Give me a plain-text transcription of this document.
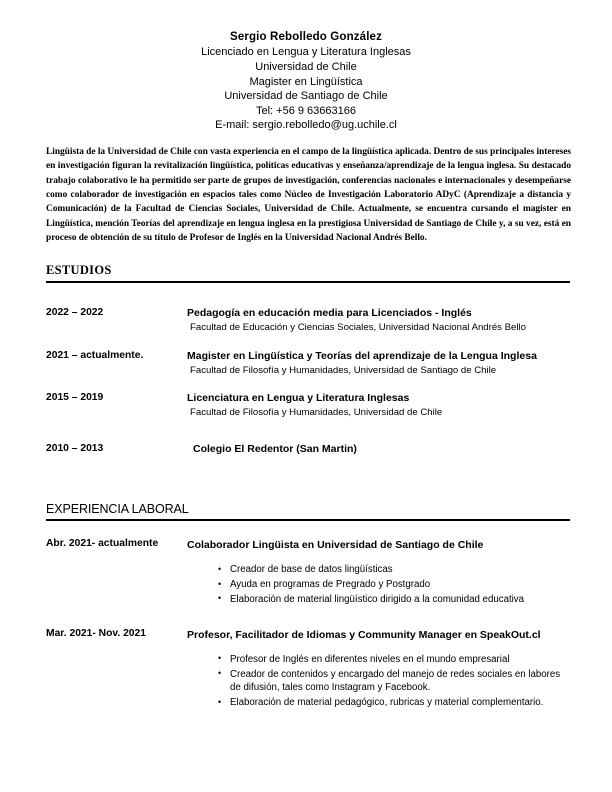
Sergio Rebolledo González
Licenciado en Lengua y Literatura Inglesas
Universidad de Chile
Magister en Lingüística
Universidad de Santiago de Chile
Tel: +56 9 63663166
E-mail: sergio.rebolledo@ug.uchile.cl
Lingüista de la Universidad de Chile con vasta experiencia en el campo de la lingüística aplicada. Dentro de sus principales intereses en investigación figuran la revitalización lingüística, políticas educativas y enseñanza/aprendizaje de la lengua inglesa. Su destacado trabajo colaborativo le ha permitido ser parte de grupos de investigación, conferencias nacionales e internacionales y desempeñarse como colaborador de investigación en espacios tales como Núcleo de Investigación Laboratorio ADyC (Aprendizaje a distancia y Comunicación) de la Facultad de Ciencias Sociales, Universidad de Chile. Actualmente, se encuentra cursando el magister en Lingüística, mención Teorías del aprendizaje en lengua inglesa en la prestigiosa Universidad de Santiago de Chile y, a su vez, está en proceso de obtención de su título de Profesor de Inglés en la Universidad Nacional Andrés Bello.
ESTUDIOS
2022 – 2022	Pedagogía en educación media para Licenciados - Inglés
Facultad de Educación y Ciencias Sociales, Universidad Nacional Andrés Bello
2021 – actualmente.	Magister en Lingüística y Teorías del aprendizaje de la Lengua Inglesa
Facultad de Filosofía y Humanidades, Universidad de Santiago de Chile
2015 – 2019	Licenciatura en Lengua y Literatura Inglesas
Facultad de Filosofía y Humanidades, Universidad de Chile
2010 – 2013	Colegio El Redentor (San Martin)
EXPERIENCIA LABORAL
Abr. 2021- actualmente	Colaborador Lingüista en Universidad de Santiago de Chile
• Creador de base de datos lingüísticas
• Ayuda en programas de Pregrado y Postgrado
• Elaboración de material lingüístico dirigido a la comunidad educativa
Mar. 2021- Nov. 2021	Profesor, Facilitador de Idiomas y Community Manager en SpeakOut.cl
• Profesor de Inglés en diferentes niveles en el mundo empresarial
• Creador de contenidos y encargado del manejo de redes sociales en labores de difusión, tales como Instagram y Facebook.
• Elaboración de material pedagógico, rubricas y material complementario.
